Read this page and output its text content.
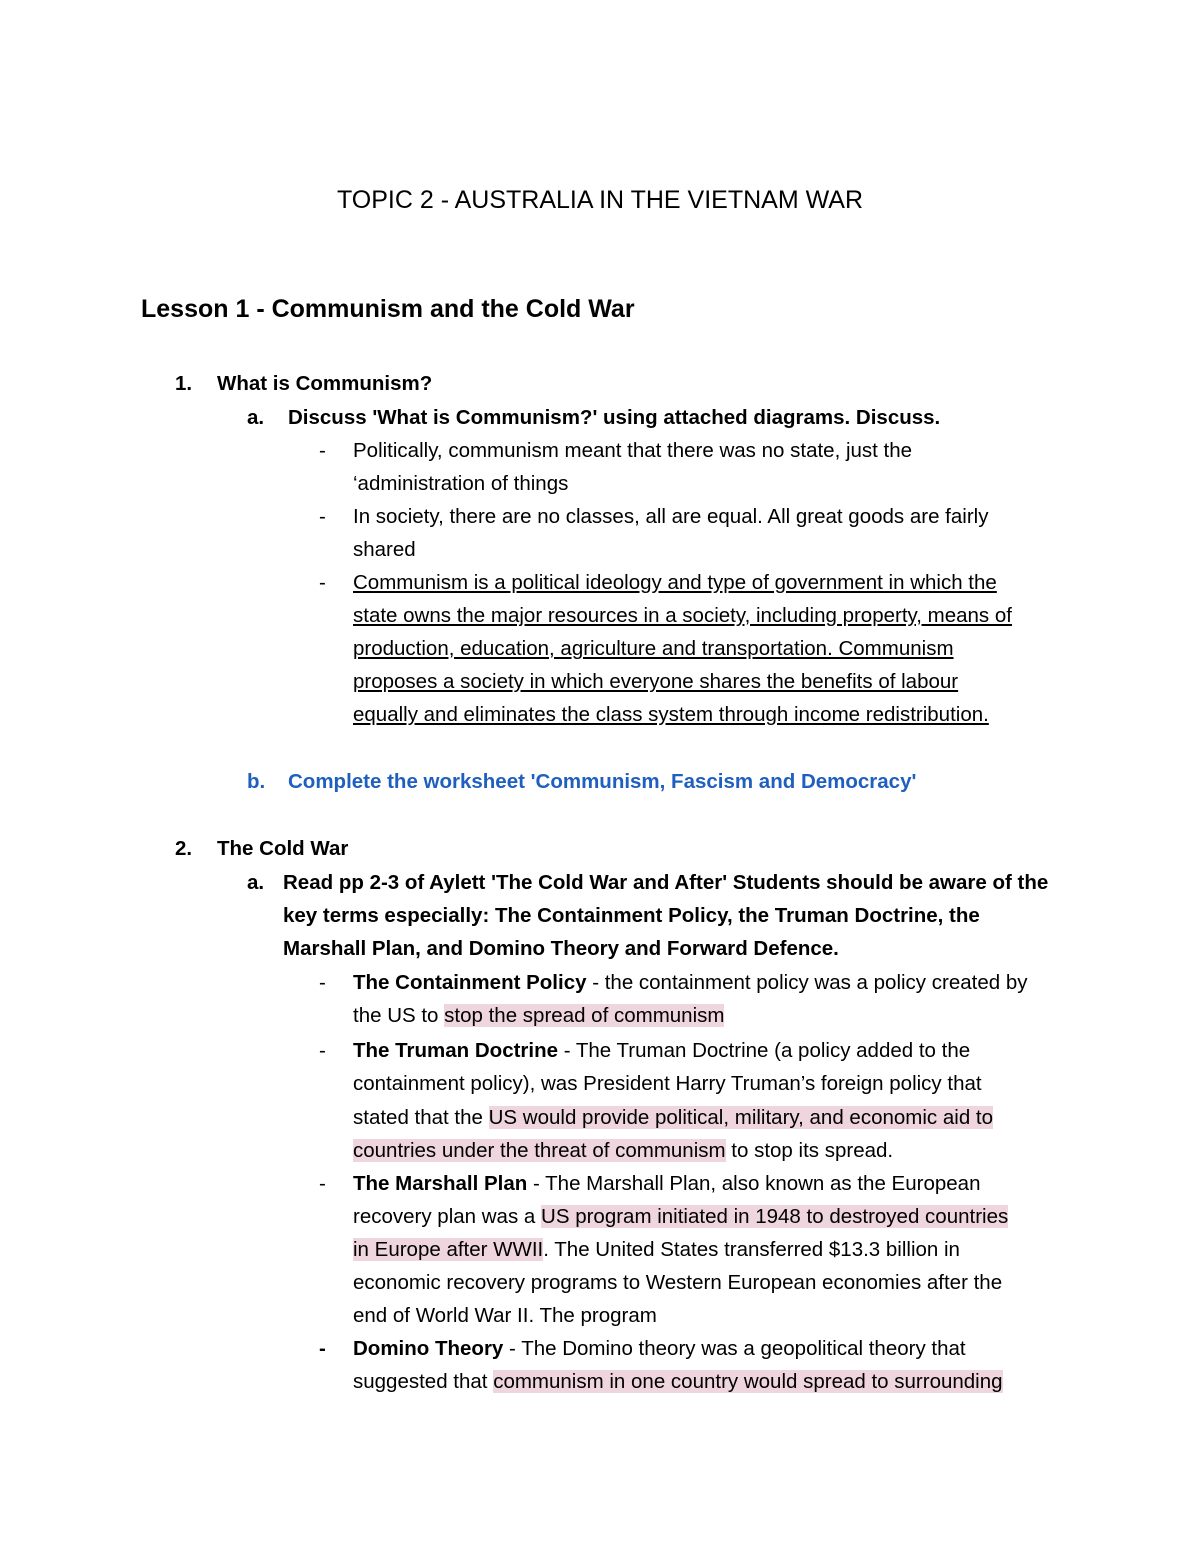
TOPIC 2 - AUSTRALIA IN THE VIETNAM WAR
Lesson 1 - Communism and the Cold War
1. What is Communism?
a. Discuss 'What is Communism?' using attached diagrams. Discuss.
- Politically, communism meant that there was no state, just the
‘administration of things
- In society, there are no classes, all are equal. All great goods are fairly
shared
- Communism is a political ideology and type of government in which the
state owns the major resources in a society, including property, means of
production, education, agriculture and transportation. Communism
proposes a society in which everyone shares the benefits of labour
equally and eliminates the class system through income redistribution.
b. Complete the worksheet 'Communism, Fascism and Democracy'
2. The Cold War
a. Read pp 2-3 of Aylett 'The Cold War and After' Students should be aware of the
key terms especially: The Containment Policy, the Truman Doctrine, the
Marshall Plan, and Domino Theory and Forward Defence.
- The Containment Policy - the containment policy was a policy created by
the US to stop the spread of communism
- The Truman Doctrine - The Truman Doctrine (a policy added to the
containment policy), was President Harry Truman’s foreign policy that
stated that the US would provide political, military, and economic aid to
countries under the threat of communism to stop its spread.
- The Marshall Plan - The Marshall Plan, also known as the European
recovery plan was a US program initiated in 1948 to destroyed countries
in Europe after WWII. The United States transferred $13.3 billion in
economic recovery programs to Western European economies after the
end of World War II. The program
- Domino Theory - The Domino theory was a geopolitical theory that
suggested that communism in one country would spread to surrounding
